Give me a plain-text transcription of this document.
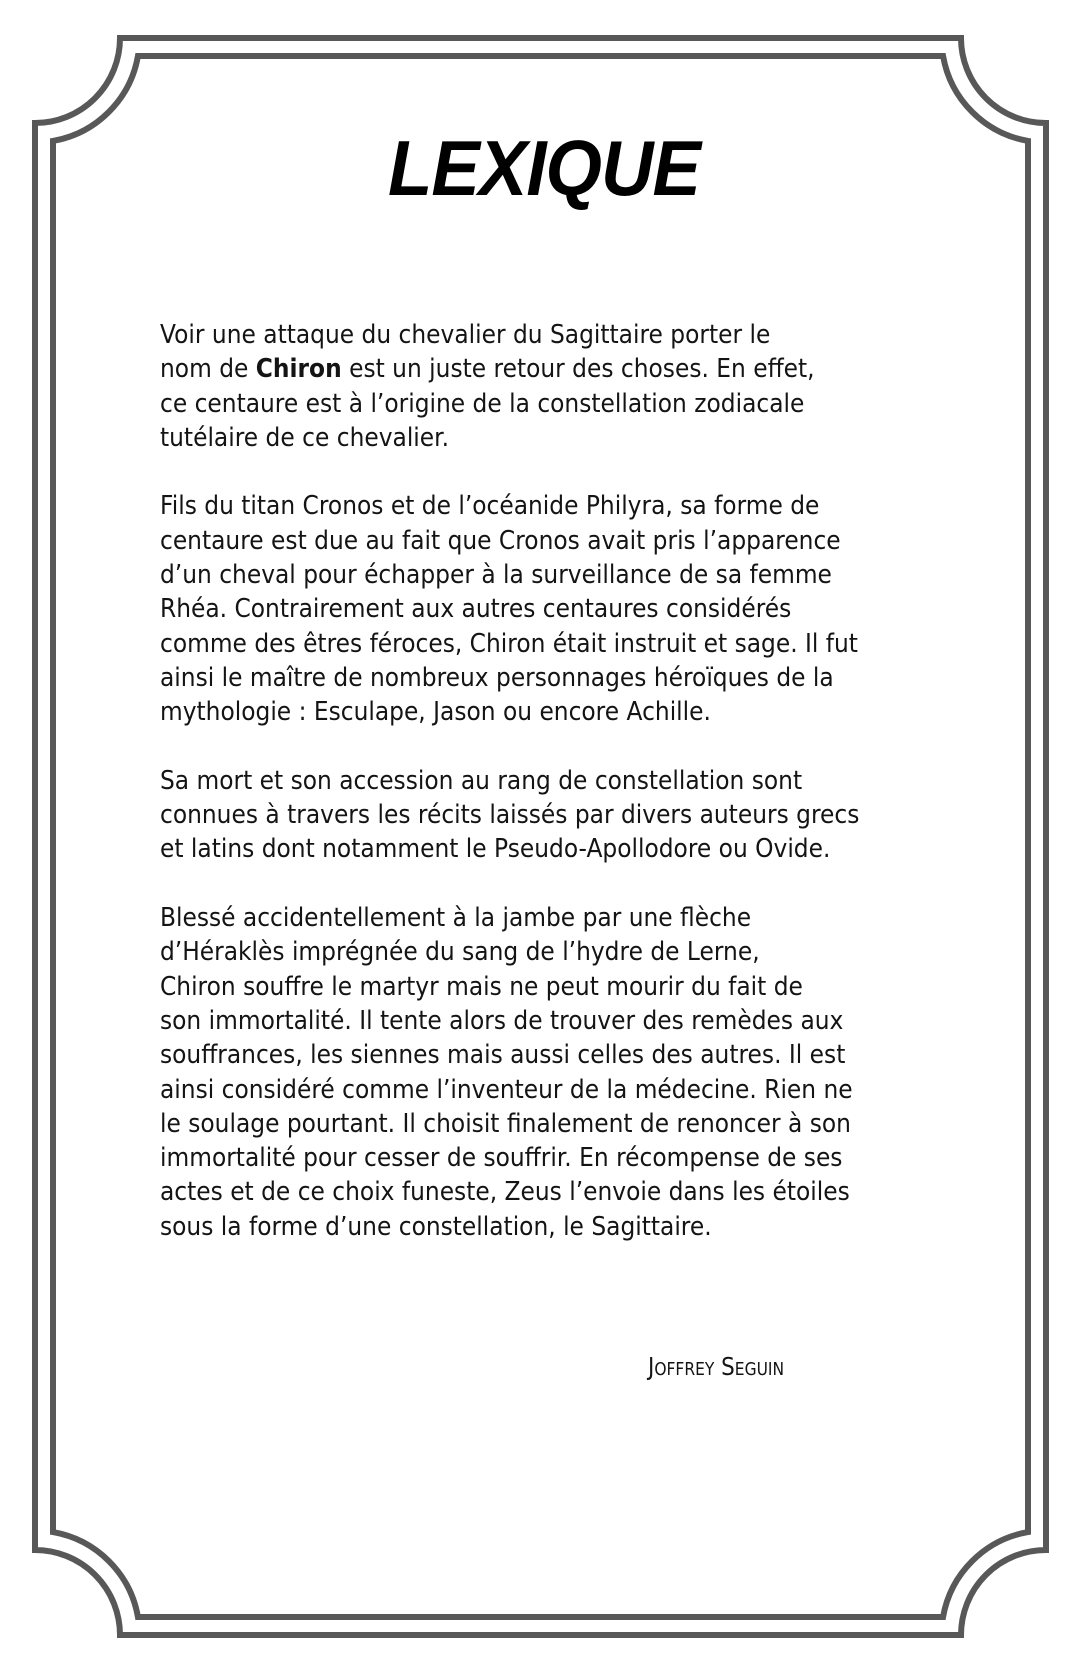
LEXIQUE
Voir une attaque du chevalier du Sagittaire porter le
nom de Chiron est un juste retour des choses. En effet,
ce centaure est à l’origine de la constellation zodiacale
tutélaire de ce chevalier.
Fils du titan Cronos et de l’océanide Philyra, sa forme de
centaure est due au fait que Cronos avait pris l’apparence
d’un cheval pour échapper à la surveillance de sa femme
Rhéa. Contrairement aux autres centaures considérés
comme des êtres féroces, Chiron était instruit et sage. Il fut
ainsi le maître de nombreux personnages héroïques de la
mythologie : Esculape, Jason ou encore Achille.
Sa mort et son accession au rang de constellation sont
connues à travers les récits laissés par divers auteurs grecs
et latins dont notamment le Pseudo-Apollodore ou Ovide.
Blessé accidentellement à la jambe par une flèche
d’Héraklès imprégnée du sang de l’hydre de Lerne,
Chiron souffre le martyr mais ne peut mourir du fait de
son immortalité. Il tente alors de trouver des remèdes aux
souffrances, les siennes mais aussi celles des autres. Il est
ainsi considéré comme l’inventeur de la médecine. Rien ne
le soulage pourtant. Il choisit finalement de renoncer à son
immortalité pour cesser de souffrir. En récompense de ses
actes et de ce choix funeste, Zeus l’envoie dans les étoiles
sous la forme d’une constellation, le Sagittaire.
Joffrey Seguin
